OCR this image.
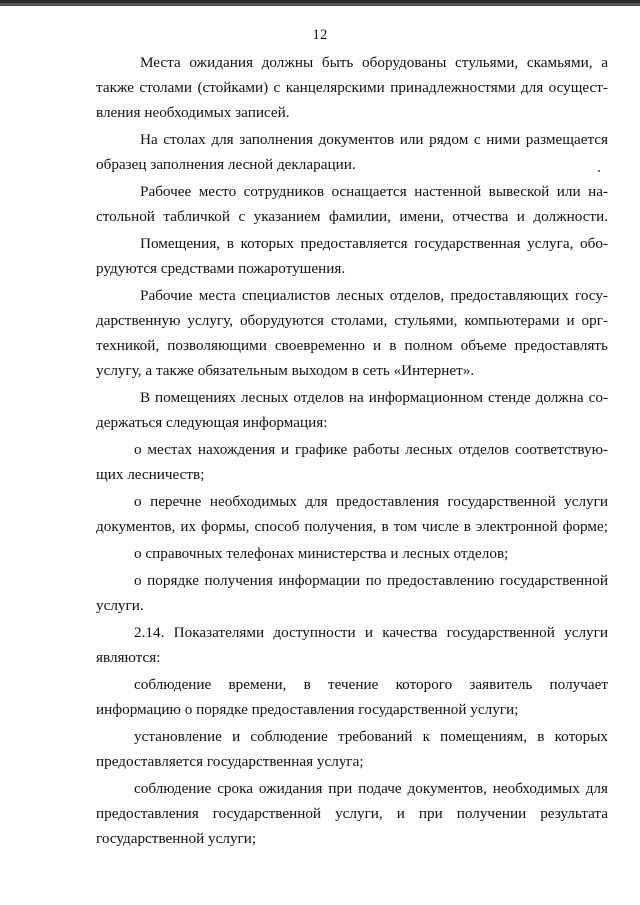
12
Места ожидания должны быть оборудованы стульями, скамьями, а
также столами (стойками) с канцелярскими принадлежностями для осущест-
вления необходимых записей.
На столах для заполнения документов или рядом с ними размещается
образец заполнения лесной декларации.
Рабочее место сотрудников оснащается настенной вывеской или на-
стольной табличкой с указанием фамилии, имени, отчества и должности.
Помещения, в которых предоставляется государственная услуга, обо-
рудуются средствами пожаротушения.
Рабочие места специалистов лесных отделов, предоставляющих госу-
дарственную услугу, оборудуются столами, стульями, компьютерами и орг-
техникой, позволяющими своевременно и в полном объеме предоставлять
услугу, а также обязательным выходом в сеть «Интернет».
В помещениях лесных отделов на информационном стенде должна со-
держаться следующая информация:
о местах нахождения и графике работы лесных отделов соответствую-
щих лесничеств;
о перечне необходимых для предоставления государственной услуги
документов, их формы, способ получения, в том числе в электронной форме;
о справочных телефонах министерства и лесных отделов;
о порядке получения информации по предоставлению государственной
услуги.
2.14. Показателями доступности и качества государственной услуги
являются:
соблюдение времени, в течение которого заявитель получает
информацию о порядке предоставления государственной услуги;
установление и соблюдение требований к помещениям, в которых
предоставляется государственная услуга;
соблюдение срока ожидания при подаче документов, необходимых для
предоставления государственной услуги, и при получении результата
государственной услуги;
